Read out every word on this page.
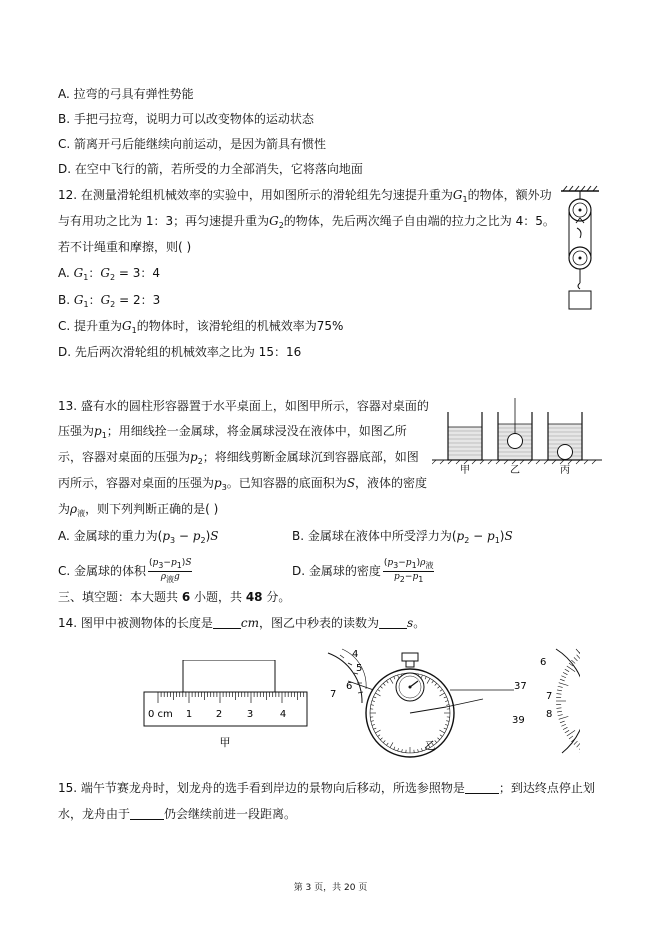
A. 拉弯的弓具有弹性势能
B. 手把弓拉弯，说明力可以改变物体的运动状态
C. 箭离开弓后能继续向前运动，是因为箭具有惯性
D. 在空中飞行的箭，若所受的力全部消失，它将落向地面
12. 在测量滑轮组机械效率的实验中，用如图所示的滑轮组先匀速提升重为$G_1$的物体，额外功
与有用功之比为 1：3；再匀速提升重为$G_2$的物体，先后两次绳子自由端的拉力之比为 4：5。
若不计绳重和摩擦，则( )
A. $G_1$：$G_2 = 3$：4
B. $G_1$：$G_2 = 2$：3
C. 提升重为$G_1$的物体时，该滑轮组的机械效率为75%
D. 先后两次滑轮组的机械效率之比为 15：16
13. 盛有水的圆柱形容器置于水平桌面上，如图甲所示，容器对桌面的
压强为$p_1$；用细线拴一金属球，将金属球浸没在液体中，如图乙所
示，容器对桌面的压强为$p_2$；将细线剪断金属球沉到容器底部，如图
丙所示，容器对桌面的压强为$p_3$。已知容器的底面积为S，液体的密度
为$\rho_液$，则下列判断正确的是( )
A. 金属球的重力为$(p_3 - p_2)S$	B. 金属球在液体中所受浮力为$(p_2 - p_1)S$
C. 金属球的体积 $\frac{(p3-p1)S}{\text{ρ液g}}$	D. 金属球的密度 $\frac{\text{(p3−p1)ρ液}}{p2-p1}$
甲	乙	丙
三、填空题：本大题共 6 小题，共 48 分。
14. 图甲中被测物体的长度是 cm，图乙中秒表的读数为 s。
0 cm 1 2 3	4
甲
4
5
6
7
6
37
7
8
39
乙
15. 端午节赛龙舟时，划龙舟的选手看到岸边的景物向后移动，所选参照物是	；到达终点停止划
水，龙舟由于	仍会继续前进一段距离。
第 3 页，共 20 页
